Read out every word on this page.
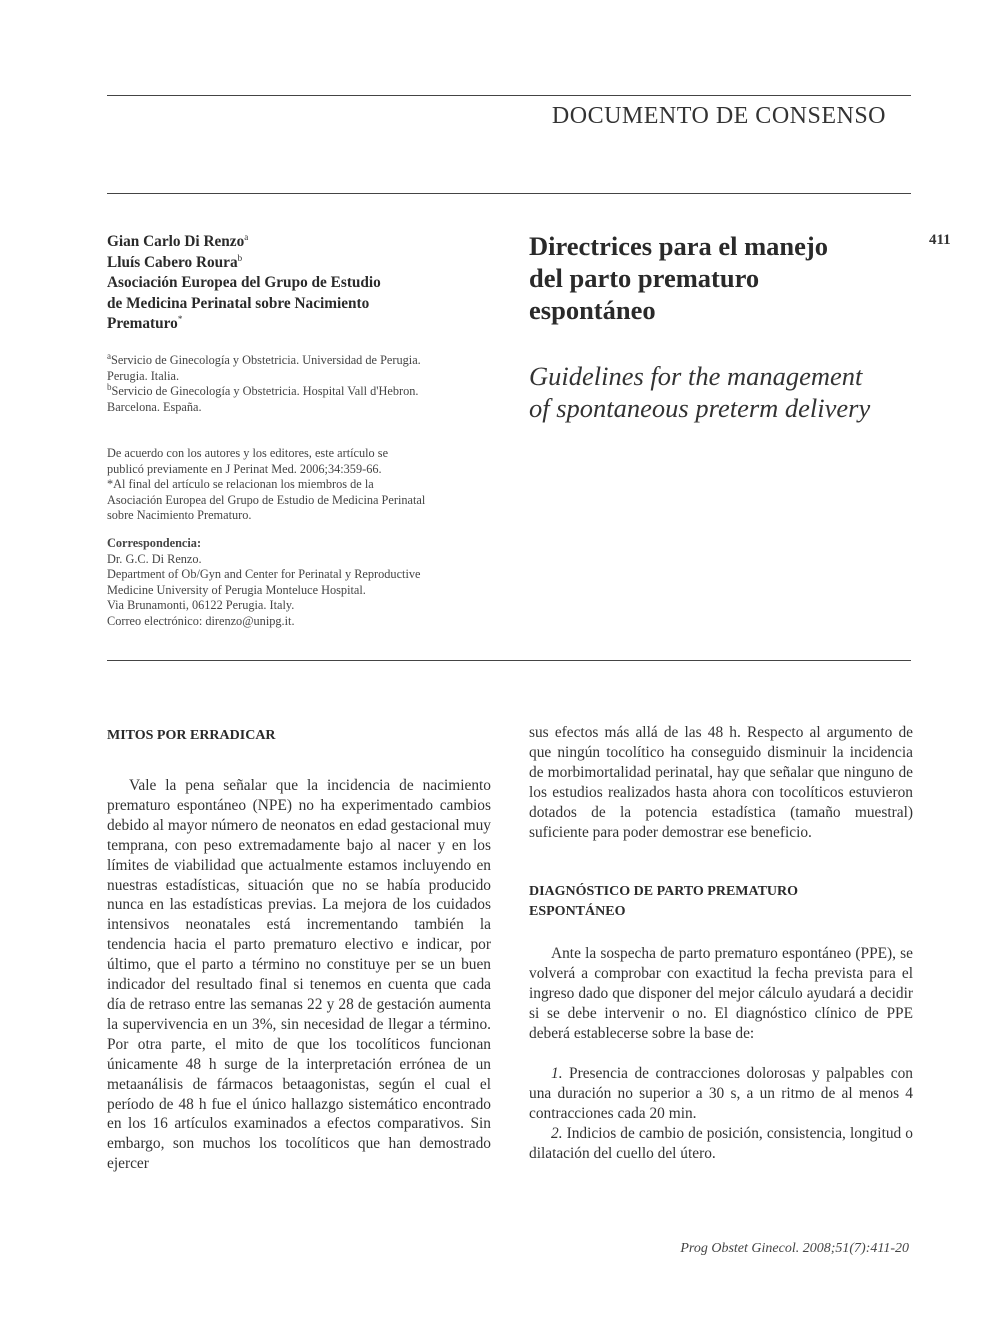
DOCUMENTO DE CONSENSO
411

Gian Carlo Di Renzo$^a$

Lluís Cabero Roura$^b$

Asociación Europea del Grupo de Estudio

de Medicina Perinatal sobre Nacimiento

Prematuro*

$^a$Servicio de Ginecología y Obstetricia. Universidad de Perugia.

Perugia. Italia.

$^b$Servicio de Ginecología y Obstetricia. Hospital Vall d'Hebron.

Barcelona. España.

De acuerdo con los autores y los editores, este artículo se

publicó previamente en J Perinat Med. 2006;34:359-66.

*Al final del artículo se relacionan los miembros de la

Asociación Europea del Grupo de Estudio de Medicina Perinatal

sobre Nacimiento Prematuro.

Correspondencia:

Dr. G.C. Di Renzo.

Department of Ob/Gyn and Center for Perinatal y Reproductive

Medicine University of Perugia Monteluce Hospital.

Via Brunamonti, 06122 Perugia. Italy.

Correo electrónico: direnzo@unipg.it.

Directrices para el manejo

del parto prematuro

espontáneo

Guidelines for the management
of spontaneous preterm delivery
MITOS POR ERRADICAR

Vale la pena señalar que la incidencia de nacimiento prematuro espontáneo (NPE) no ha experimentado cambios debido al mayor número de neonatos en edad gestacional muy temprana, con peso extremadamente bajo al nacer y en los límites de viabilidad que actualmente estamos incluyendo en nuestras estadísticas, situación que no se había producido nunca en las estadísticas previas. La mejora de los cuidados intensivos neonatales está incrementando también la tendencia hacia el parto prematuro electivo e indicar, por último, que el parto a término no constituye per se un buen indicador del resultado final si tenemos en cuenta que cada día de retraso entre las semanas 22 y 28 de gestación aumenta la supervivencia en un 3%, sin necesidad de llegar a término. Por otra parte, el mito de que los tocolíticos funcionan únicamente 48 h surge de la interpretación errónea de un metaanálisis de fármacos betaagonistas, según el cual el período de 48 h fue el único hallazgo sistemático encontrado en los 16 artículos examinados a efectos comparativos. Sin embargo, son muchos los tocolíticos que han demostrado ejercer

sus efectos más allá de las 48 h. Respecto al argumento de que ningún tocolítico ha conseguido disminuir la incidencia de morbimortalidad perinatal, hay que señalar que ninguno de los estudios realizados hasta ahora con tocolíticos estuvieron dotados de la potencia estadística (tamaño muestral) suficiente para poder demostrar ese beneficio.

DIAGNÓSTICO DE PARTO PREMATURO
ESPONTÁNEO

Ante la sospecha de parto prematuro espontáneo (PPE), se volverá a comprobar con exactitud la fecha prevista para el ingreso dado que disponer del mejor cálculo ayudará a decidir si se debe intervenir o no. El diagnóstico clínico de PPE deberá establecerse sobre la base de:

1. Presencia de contracciones dolorosas y palpables con una duración no superior a 30 s, a un ritmo de al menos 4 contracciones cada 20 min.

2. Indicios de cambio de posición, consistencia, longitud o dilatación del cuello del útero.

Prog Obstet Ginecol. 2008;51(7):411-20
